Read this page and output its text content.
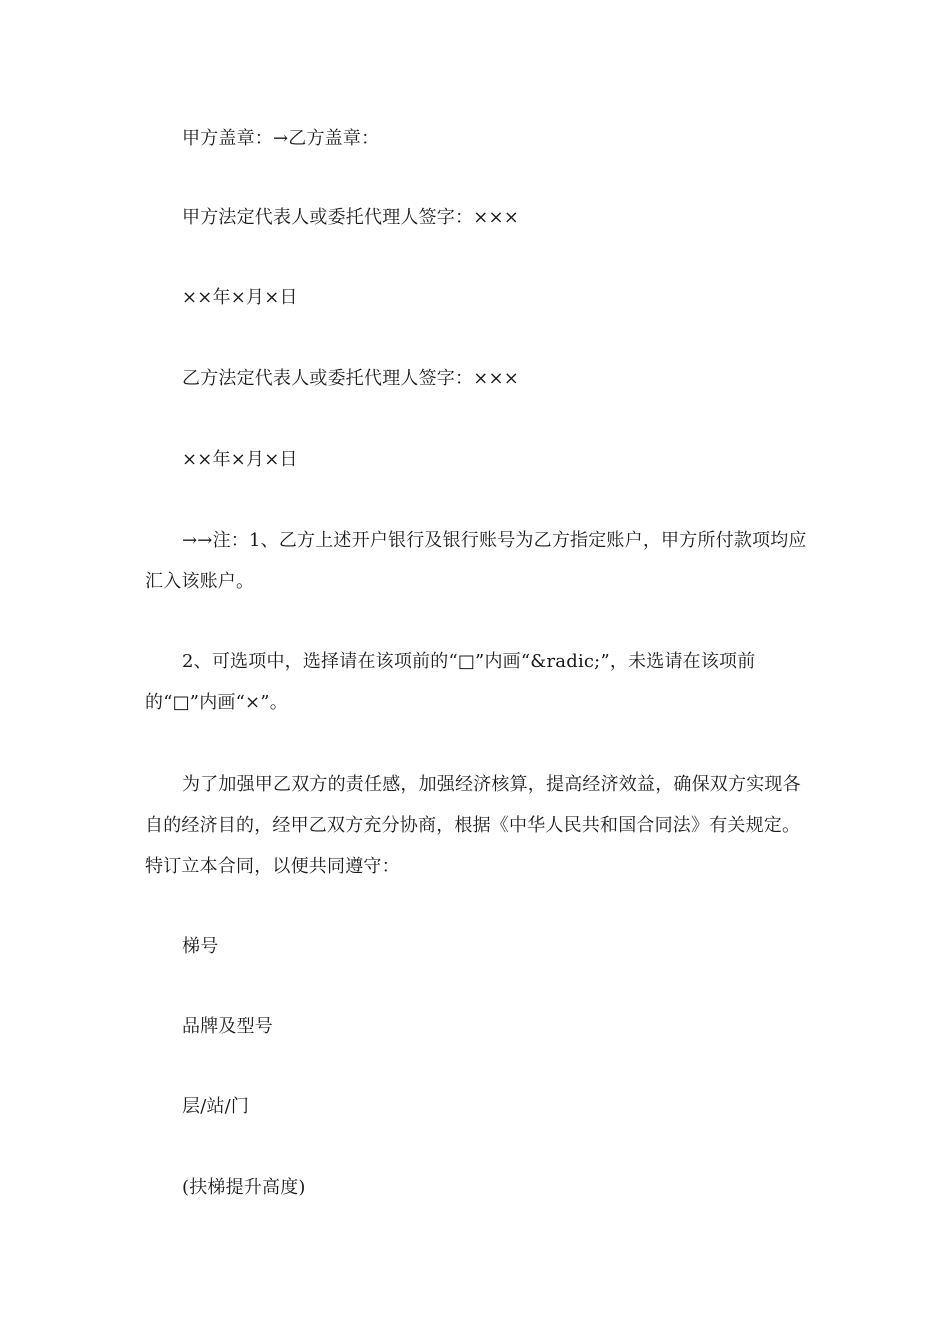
甲方盖章：→乙方盖章：

甲方法定代表人或委托代理人签字：×××

××年×月×日

乙方法定代表人或委托代理人签字：×××

××年×月×日

→→注：1、乙方上述开户银行及银行账号为乙方指定账户，甲方所付款项均应汇入该账户。

2、可选项中，选择请在该项前的“□”内画“&radic;”，未选请在该项前的“□”内画“×”。

为了加强甲乙双方的责任感，加强经济核算，提高经济效益，确保双方实现各自的经济目的，经甲乙双方充分协商，根据《中华人民共和国合同法》有关规定。特订立本合同，以便共同遵守：

梯号

品牌及型号

层/站/门

(扶梯提升高度)
